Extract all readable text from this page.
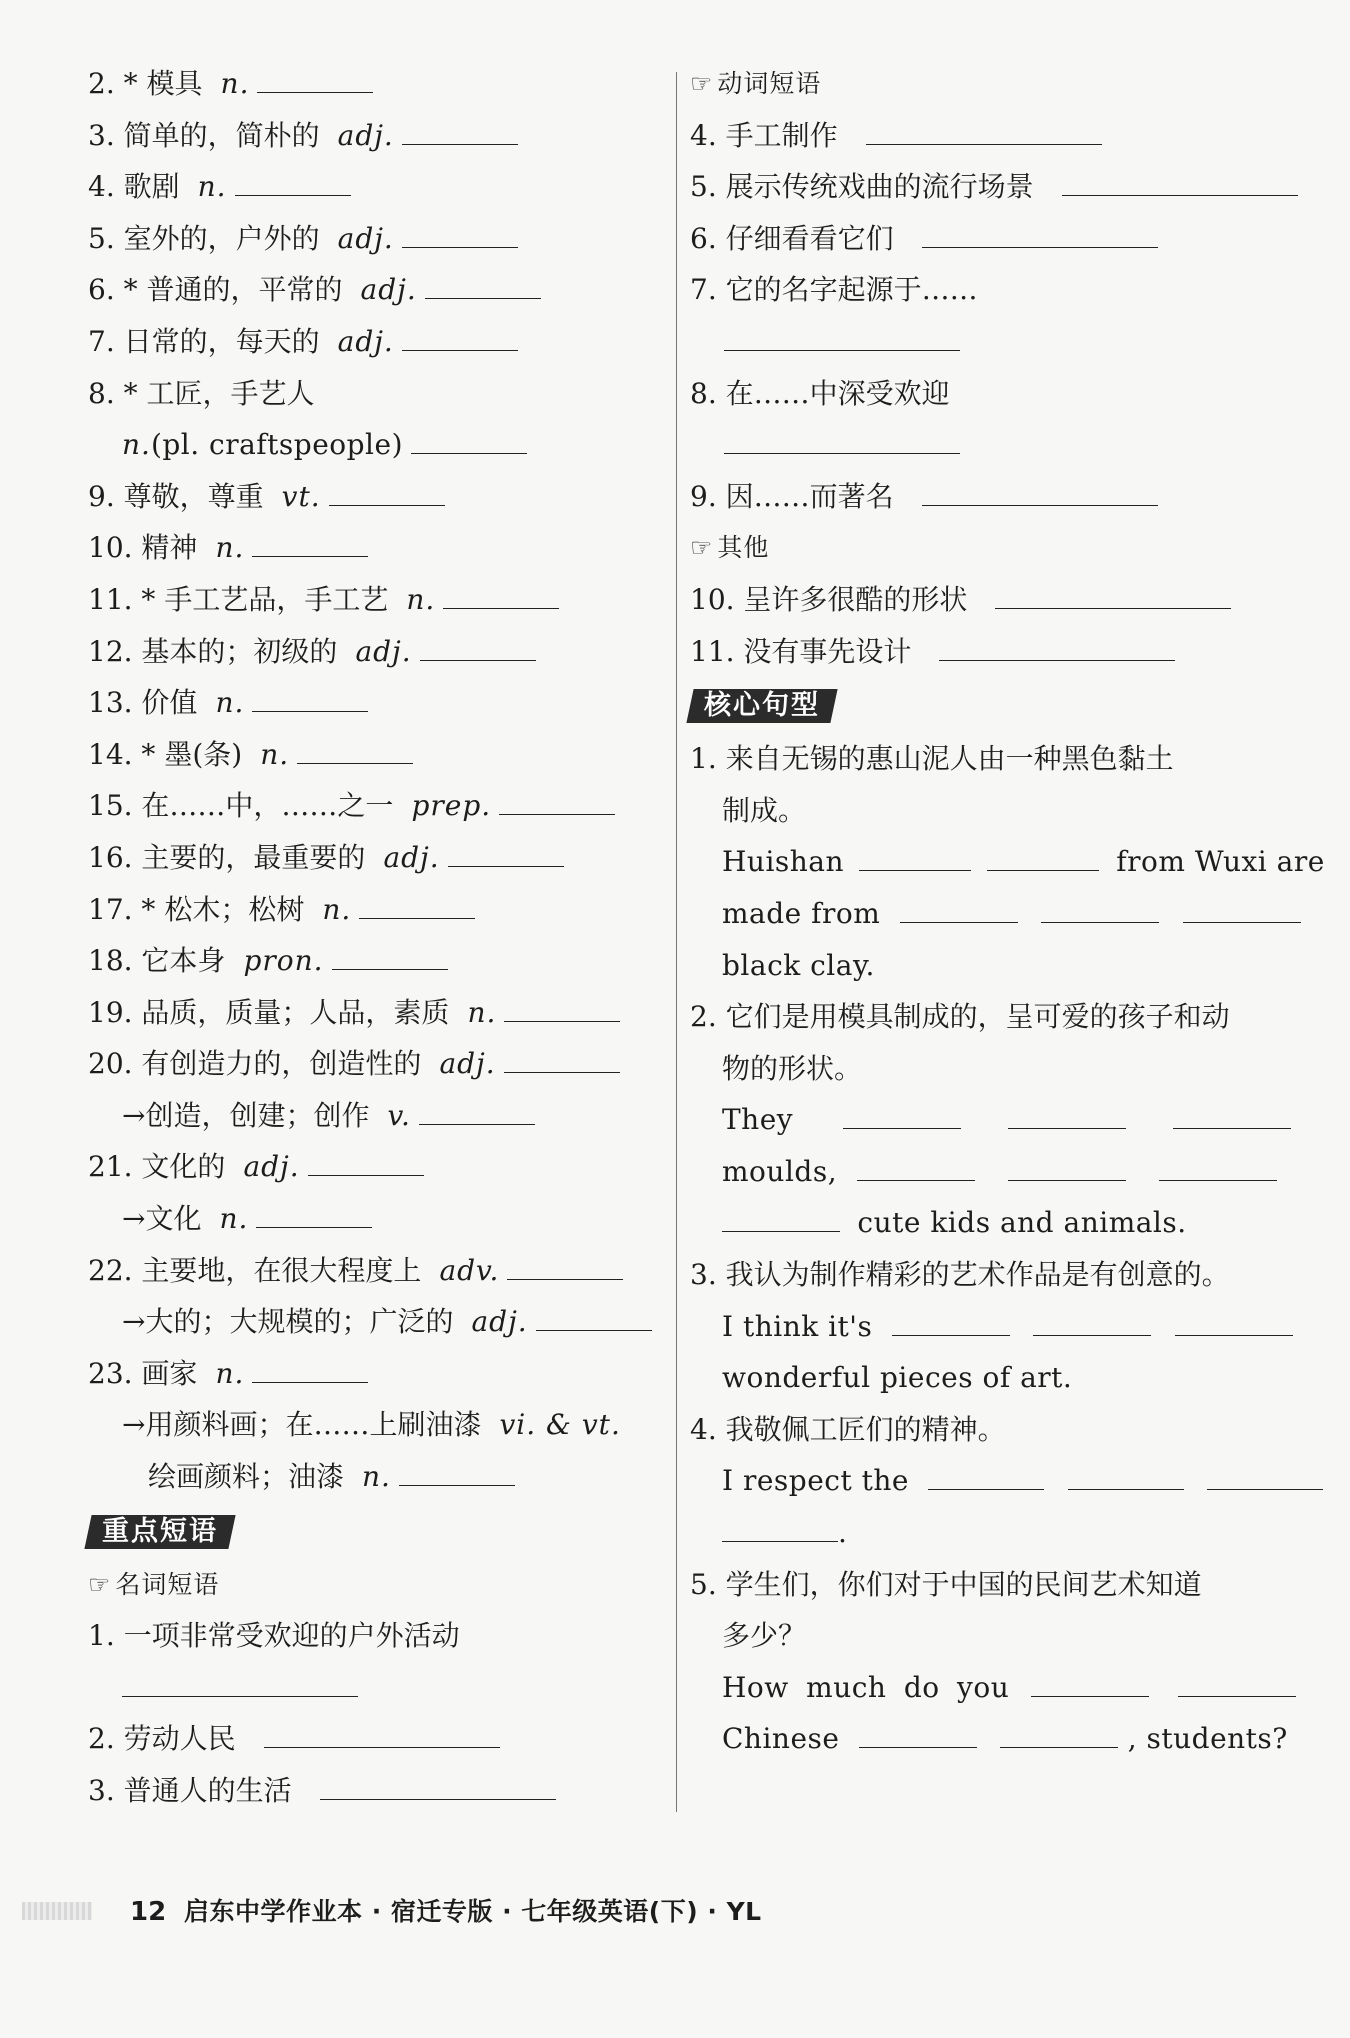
2. * 模具 n.
3. 简单的，简朴的 adj.
4. 歌剧 n.
5. 室外的，户外的 adj.
6. * 普通的，平常的 adj.
7. 日常的，每天的 adj.
8. * 工匠，手艺人
n.(pl. craftspeople)
9. 尊敬，尊重 vt.
10. 精神 n.
11. * 手工艺品，手工艺 n.
12. 基本的；初级的 adj.
13. 价值 n.
14. * 墨(条) n.
15. 在……中，……之一 prep.
16. 主要的，最重要的 adj.
17. * 松木；松树 n.
18. 它本身 pron.
19. 品质，质量；人品，素质 n.
20. 有创造力的，创造性的 adj.
→创造，创建；创作 v.
21. 文化的 adj.
→文化 n.
22. 主要地，在很大程度上 adv.
→大的；大规模的；广泛的 adj.
23. 画家 n.
→用颜料画；在……上刷油漆 vi. & vt.
绘画颜料；油漆 n.
重点短语
☞ 名词短语
1. 一项非常受欢迎的户外活动
2. 劳动人民
3. 普通人的生活
☞ 动词短语
4. 手工制作
5. 展示传统戏曲的流行场景
6. 仔细看看它们
7. 它的名字起源于……
8. 在……中深受欢迎
9. 因……而著名
☞ 其他
10. 呈许多很酷的形状
11. 没有事先设计
核心句型
1. 来自无锡的惠山泥人由一种黑色黏土
制成。
Huishan	from Wuxi are
made from
black clay.
2. 它们是用模具制成的，呈可爱的孩子和动
物的形状。
They
moulds,
cute kids and animals.
3. 我认为制作精彩的艺术作品是有创意的。
I think it's
wonderful pieces of art.
4. 我敬佩工匠们的精神。
I respect the
.
5. 学生们，你们对于中国的民间艺术知道
多少？
How much do you
Chinese	, students?
12 启东中学作业本 · 宿迁专版 · 七年级英语(下) · YL
